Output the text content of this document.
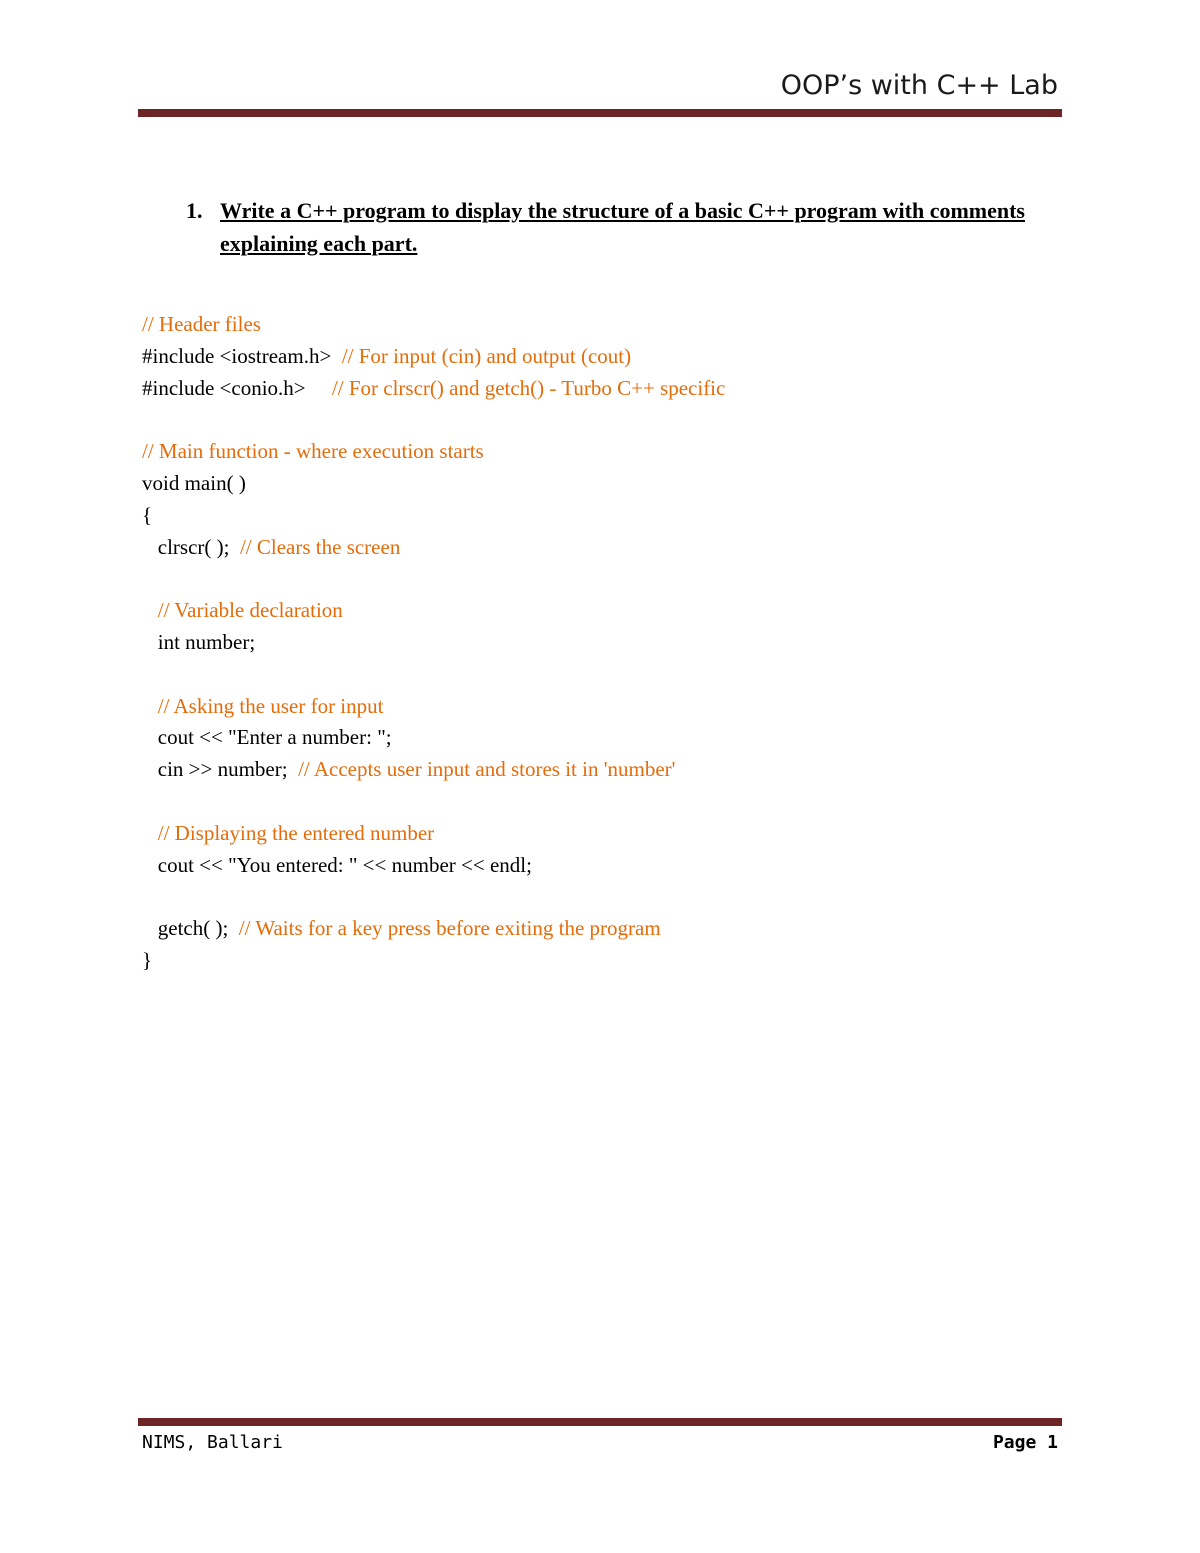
OOP’s with C++ Lab
1. Write a C++ program to display the structure of a basic C++ program with comments explaining each part.
// Header files
#include <iostream.h>  // For input (cin) and output (cout)
#include <conio.h>     // For clrscr() and getch() - Turbo C++ specific
// Main function - where execution starts
void main( )
{
clrscr( );  // Clears the screen
// Variable declaration
int number;
// Asking the user for input
cout << "Enter a number: ";
cin >> number;  // Accepts user input and stores it in 'number'
// Displaying the entered number
cout << "You entered: " << number << endl;
getch( );  // Waits for a key press before exiting the program
}
NIMS, Ballari	Page 1
